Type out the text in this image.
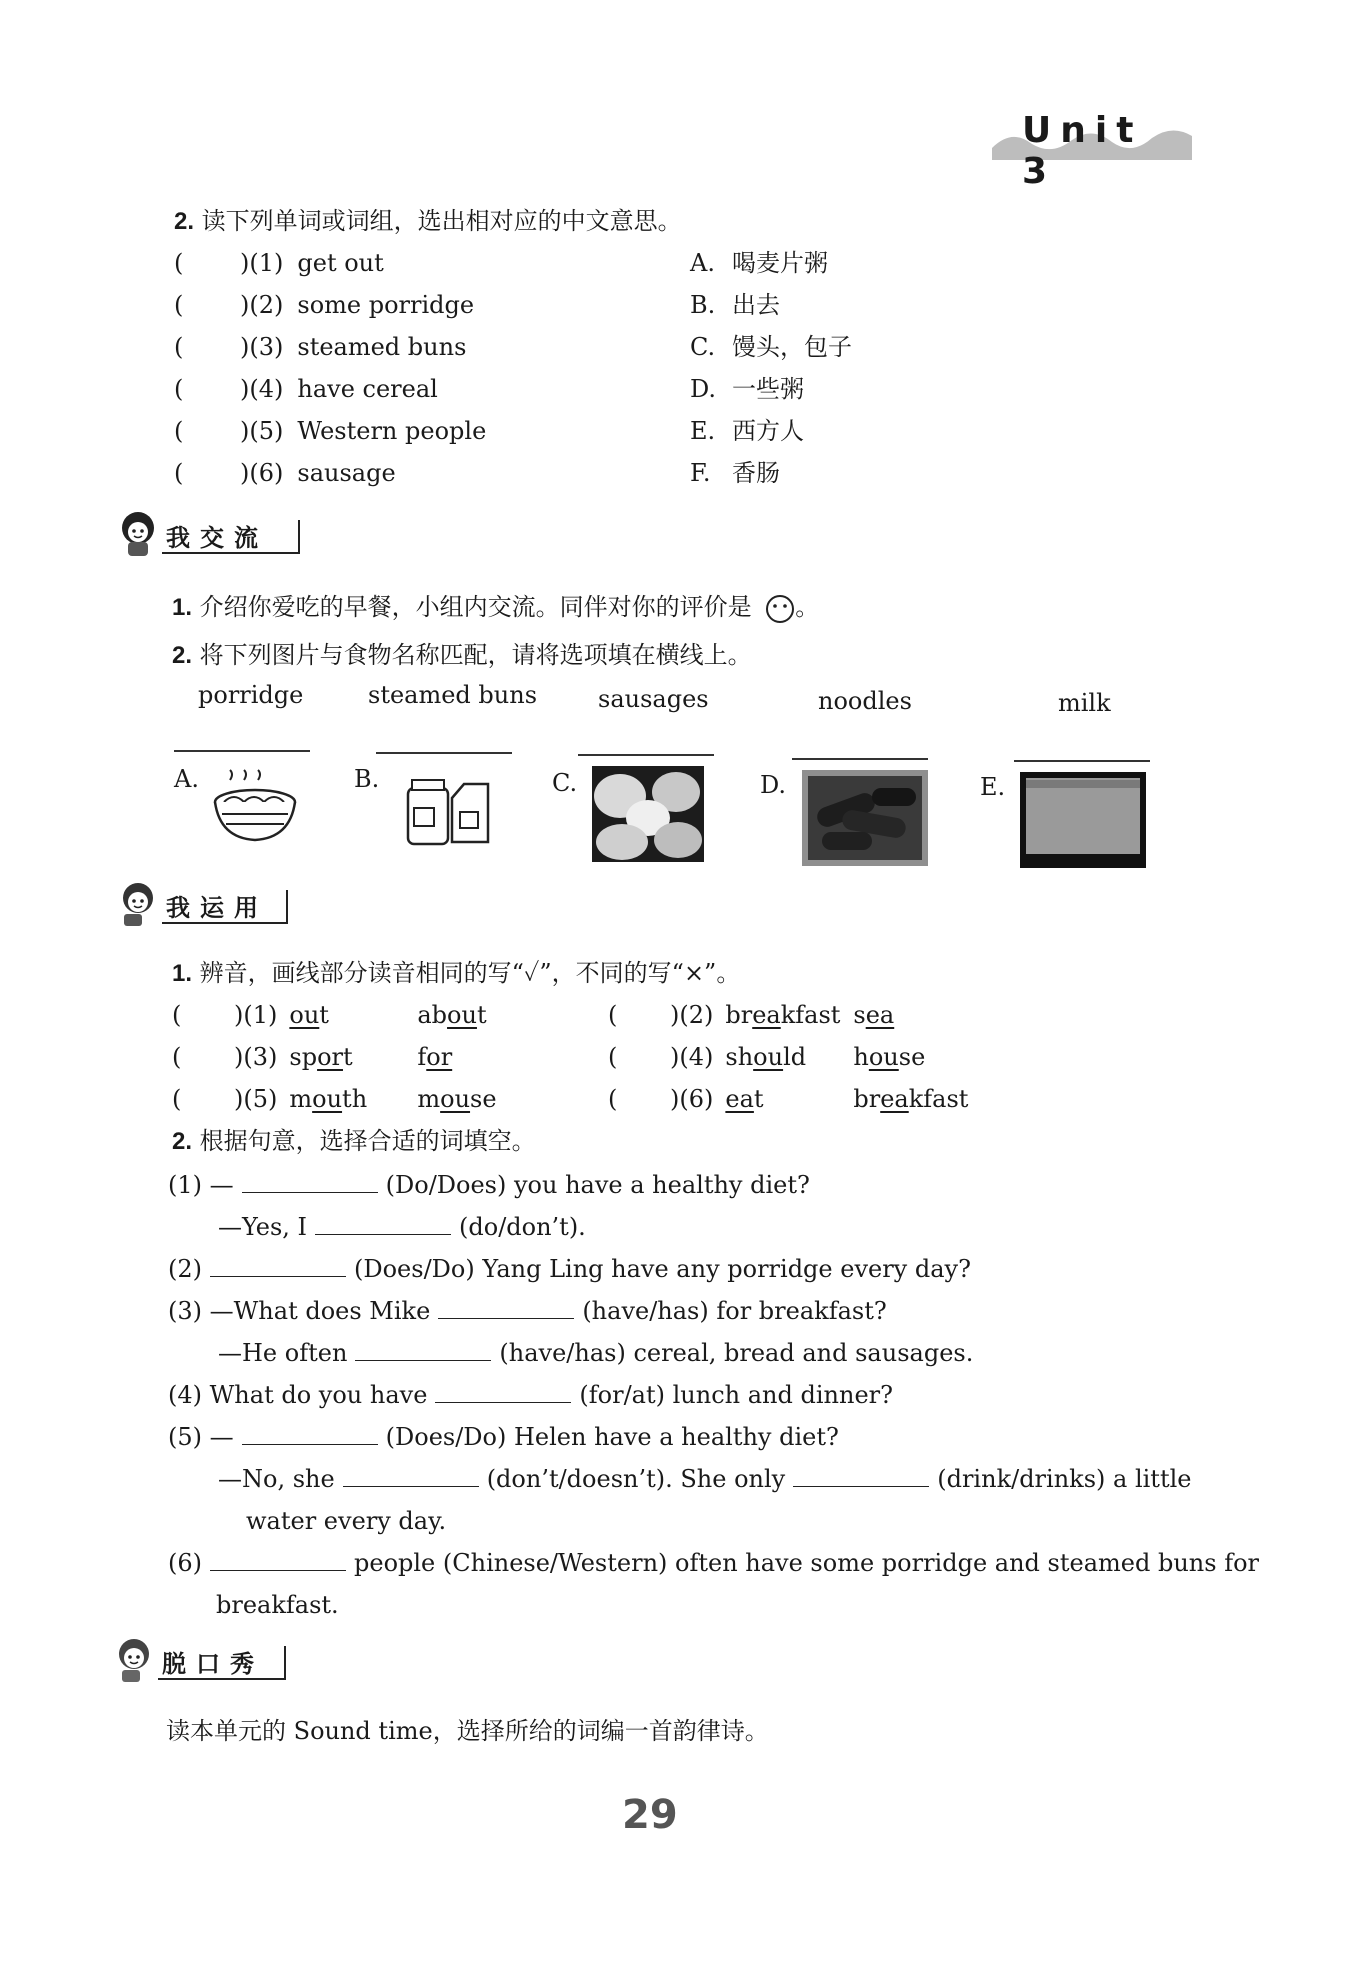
Unit 3
2. 读下列单词或词组，选出相对应的中文意思。
( )(1) get out	A. 喝麦片粥
( )(2) some porridge	B. 出去
( )(3) steamed buns	C. 馒头，包子
( )(4) have cereal	D. 一些粥
( )(5) Western people	E. 西方人
( )(6) sausage	F. 香肠
我交流
1. 介绍你爱吃的早餐，小组内交流。同伴对你的评价是 。
2. 将下列图片与食物名称匹配，请将选项填在横线上。
porridge	steamed buns	sausages	noodles	milk
A.	B.	C.	D.	E.
我运用
1. 辨音，画线部分读音相同的写“✓”，不同的写“×”。
( )(1) out	about	( )(2) breakfast sea
( )(3) sport	for	( )(4) should house
( )(5) mouth mouse	( )(6) eat	breakfast
2. 根据句意，选择合适的词填空。
(1) —	(Do/Does) you have a healthy diet?
—Yes, I	(do/don’t).
(2)	(Does/Do) Yang Ling have any porridge every day?
(3) —What does Mike	(have/has) for breakfast?
—He often	(have/has) cereal, bread and sausages.
(4) What do you have	(for/at) lunch and dinner?
(5) —	(Does/Do) Helen have a healthy diet?
—No, she	(don’t/doesn’t). She only	(drink/drinks) a little
water every day.
(6)	people (Chinese/Western) often have some porridge and steamed buns for
breakfast.
脱口秀
读本单元的 Sound time，选择所给的词编一首韵律诗。
29
